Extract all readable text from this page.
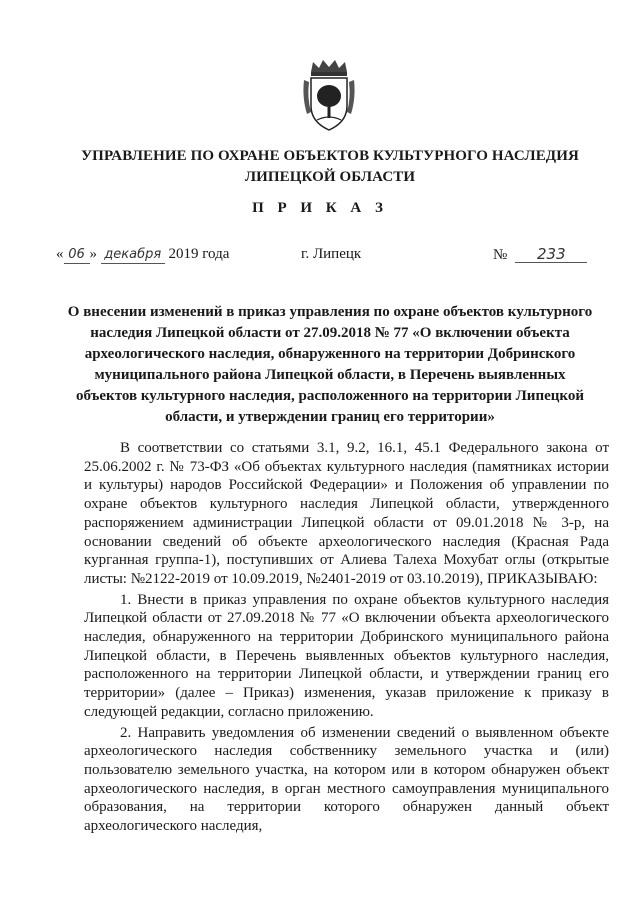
УПРАВЛЕНИЕ ПО ОХРАНЕ ОБЪЕКТОВ КУЛЬТУРНОГО НАСЛЕДИЯ ЛИПЕЦКОЙ ОБЛАСТИ
П Р И К А З
« 06 » декабря 2019 года	г. Липецк	№ 233
О внесении изменений в приказ управления по охране объектов культурного наследия Липецкой области от 27.09.2018 № 77 «О включении объекта археологического наследия, обнаруженного на территории Добринского муниципального района Липецкой области, в Перечень выявленных объектов культурного наследия, расположенного на территории Липецкой области, и утверждении границ его территории»

В соответствии со статьями 3.1, 9.2, 16.1, 45.1 Федерального закона от 25.06.2002 г. № 73-ФЗ «Об объектах культурного наследия (памятниках истории и культуры) народов Российской Федерации» и Положения об управлении по охране объектов культурного наследия Липецкой области, утвержденного распоряжением администрации Липецкой области от 09.01.2018 № 3-р, на основании сведений об объекте археологического наследия (Красная Рада курганная группа-1), поступивших от Алиева Талеха Мохубат оглы (открытые листы: №2122-2019 от 10.09.2019, №2401-2019 от 03.10.2019), ПРИКАЗЫВАЮ:

1. Внести в приказ управления по охране объектов культурного наследия Липецкой области от 27.09.2018 № 77 «О включении объекта археологического наследия, обнаруженного на территории Добринского муниципального района Липецкой области, в Перечень выявленных объектов культурного наследия, расположенного на территории Липецкой области, и утверждении границ его территории» (далее – Приказ) изменения, указав приложение к приказу в следующей редакции, согласно приложению.

2. Направить уведомления об изменении сведений о выявленном объекте археологического наследия собственнику земельного участка и (или) пользователю земельного участка, на котором или в котором обнаружен объект археологического наследия, в орган местного самоуправления муниципального образования, на территории которого обнаружен данный объект археологического наследия,
